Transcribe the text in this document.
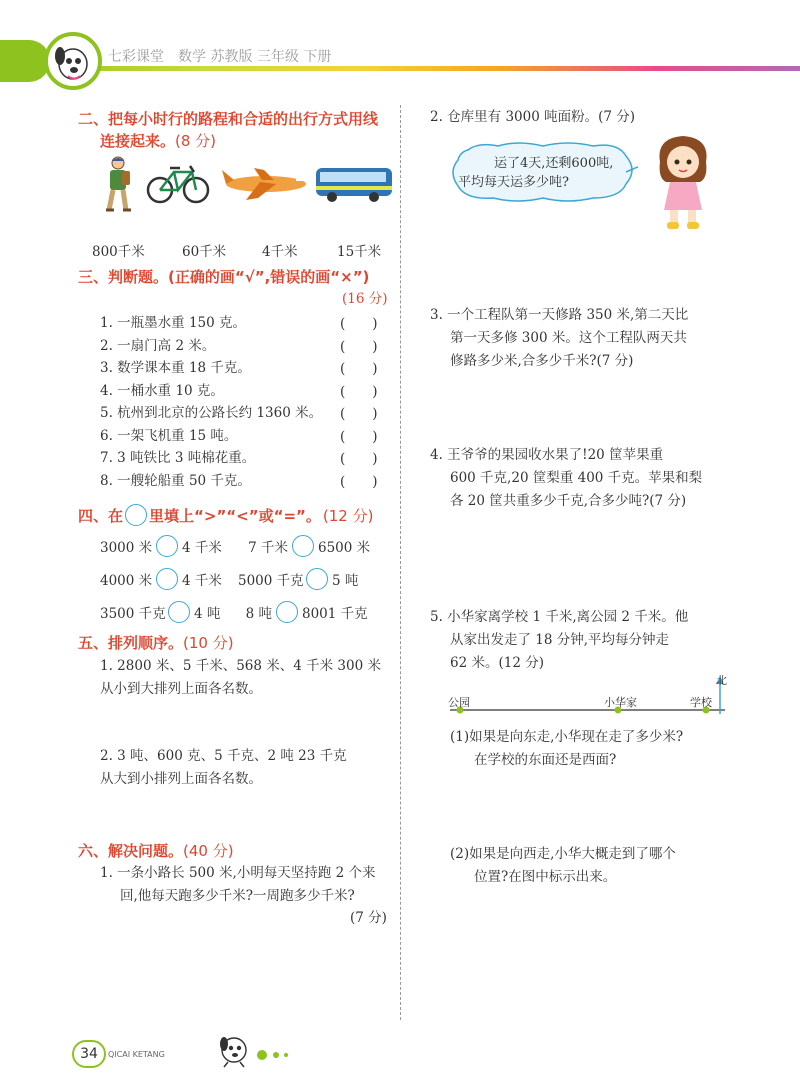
七彩课堂　数学 苏教版 三年级 下册
二、把每小时行的路程和合适的出行方式用线
连接起来。(8 分)
800千米	60千米	4千米	15千米
三、判断题。(正确的画“√”,错误的画“×”)
(16 分)
1. 一瓶墨水重 150 克。	(　　)
2. 一扇门高 2 米。	(　　)
3. 数学课本重 18 千克。	(　　)
4. 一桶水重 10 克。	(　　)
5. 杭州到北京的公路长约 1360 米。 (　　)
6. 一架飞机重 15 吨。	(　　)
7. 3 吨铁比 3 吨棉花重。	(　　)
8. 一艘轮船重 50 千克。	(　　)
四、在 里填上“>”“<”或“=”。 (12 分)
3000 米 4 千米	7 千米 6500 米
4000 米 4 千米	5000 千克 5 吨
3500 千克 4 吨	8 吨 8001 千克
五、排列顺序。(10 分)
1. 2800 米、5 千米、568 米、4 千米 300 米
从小到大排列上面各名数。
2. 3 吨、600 克、5 千克、2 吨 23 千克
从大到小排列上面各名数。
六、解决问题。(40 分)
1. 一条小路长 500 米,小明每天坚持跑 2 个来
回,他每天跑多少千米?一周跑多少千米?
(7 分)
2. 仓库里有 3000 吨面粉。(7 分)
运了4天,还剩600吨,
平均每天运多少吨?
3. 一个工程队第一天修路 350 米,第二天比
第一天多修 300 米。这个工程队两天共
修路多少米,合多少千米?(7 分)
4. 王爷爷的果园收水果了!20 筐苹果重
600 千克,20 筐梨重 400 千克。苹果和梨
各 20 筐共重多少千克,合多少吨?(7 分)
5. 小华家离学校 1 千米,离公园 2 千米。他
从家出发走了 18 分钟,平均每分钟走
62 米。(12 分)
北
公园	小华家	学校
(1)如果是向东走,小华现在走了多少米?
在学校的东面还是西面?
(2)如果是向西走,小华大概走到了哪个
位置?在图中标示出来。
34 QICAI KETANG
